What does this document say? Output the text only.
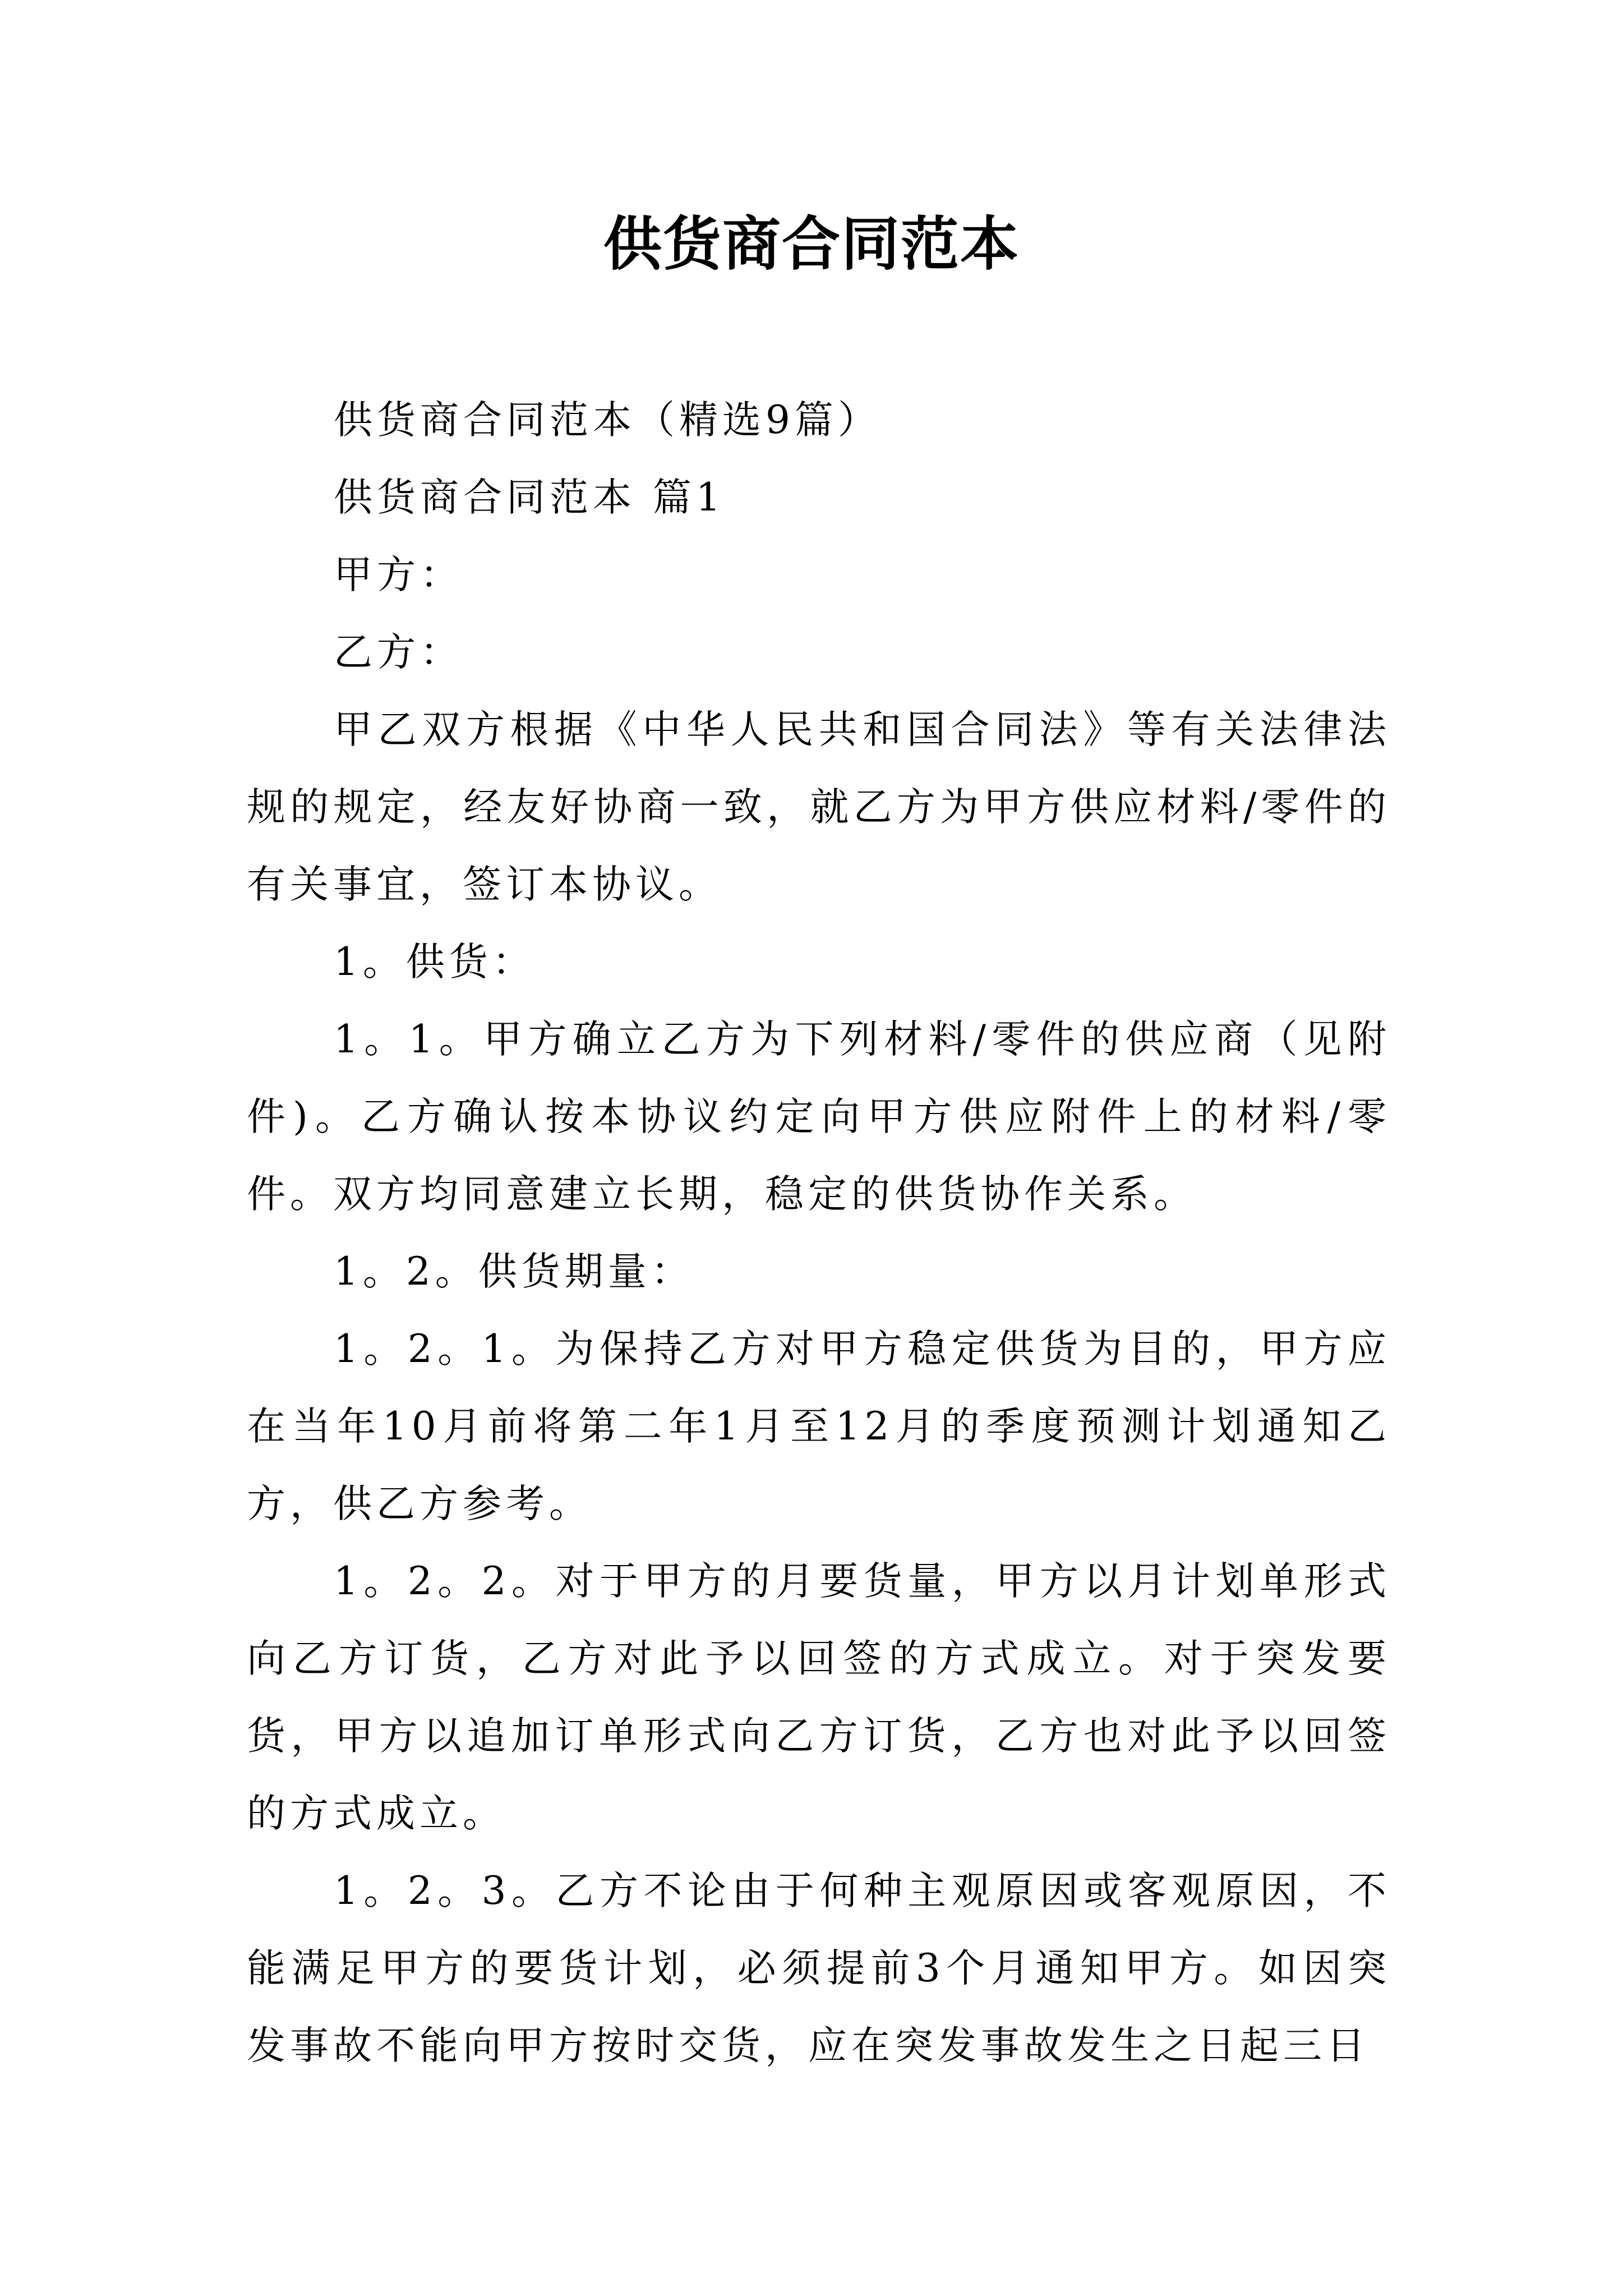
供货商合同范本

供货商合同范本（精选9篇）

供货商合同范本 篇1

甲方：

乙方：

甲乙双方根据《中华人民共和国合同法》等有关法律法规的规定，经友好协商一致，就乙方为甲方供应材料/零件的有关事宜，签订本协议。

1。供货：

1。1。甲方确立乙方为下列材料/零件的供应商（见附件)。乙方确认按本协议约定向甲方供应附件上的材料/零件。双方均同意建立长期，稳定的供货协作关系。

1。2。供货期量：

1。2。1。为保持乙方对甲方稳定供货为目的，甲方应在当年10月前将第二年1月至12月的季度预测计划通知乙方，供乙方参考。

1。2。2。对于甲方的月要货量，甲方以月计划单形式向乙方订货，乙方对此予以回签的方式成立。对于突发要货，甲方以追加订单形式向乙方订货，乙方也对此予以回签的方式成立。

1。2。3。乙方不论由于何种主观原因或客观原因，不能满足甲方的要货计划，必须提前3个月通知甲方。如因突发事故不能向甲方按时交货，应在突发事故发生之日起三日
